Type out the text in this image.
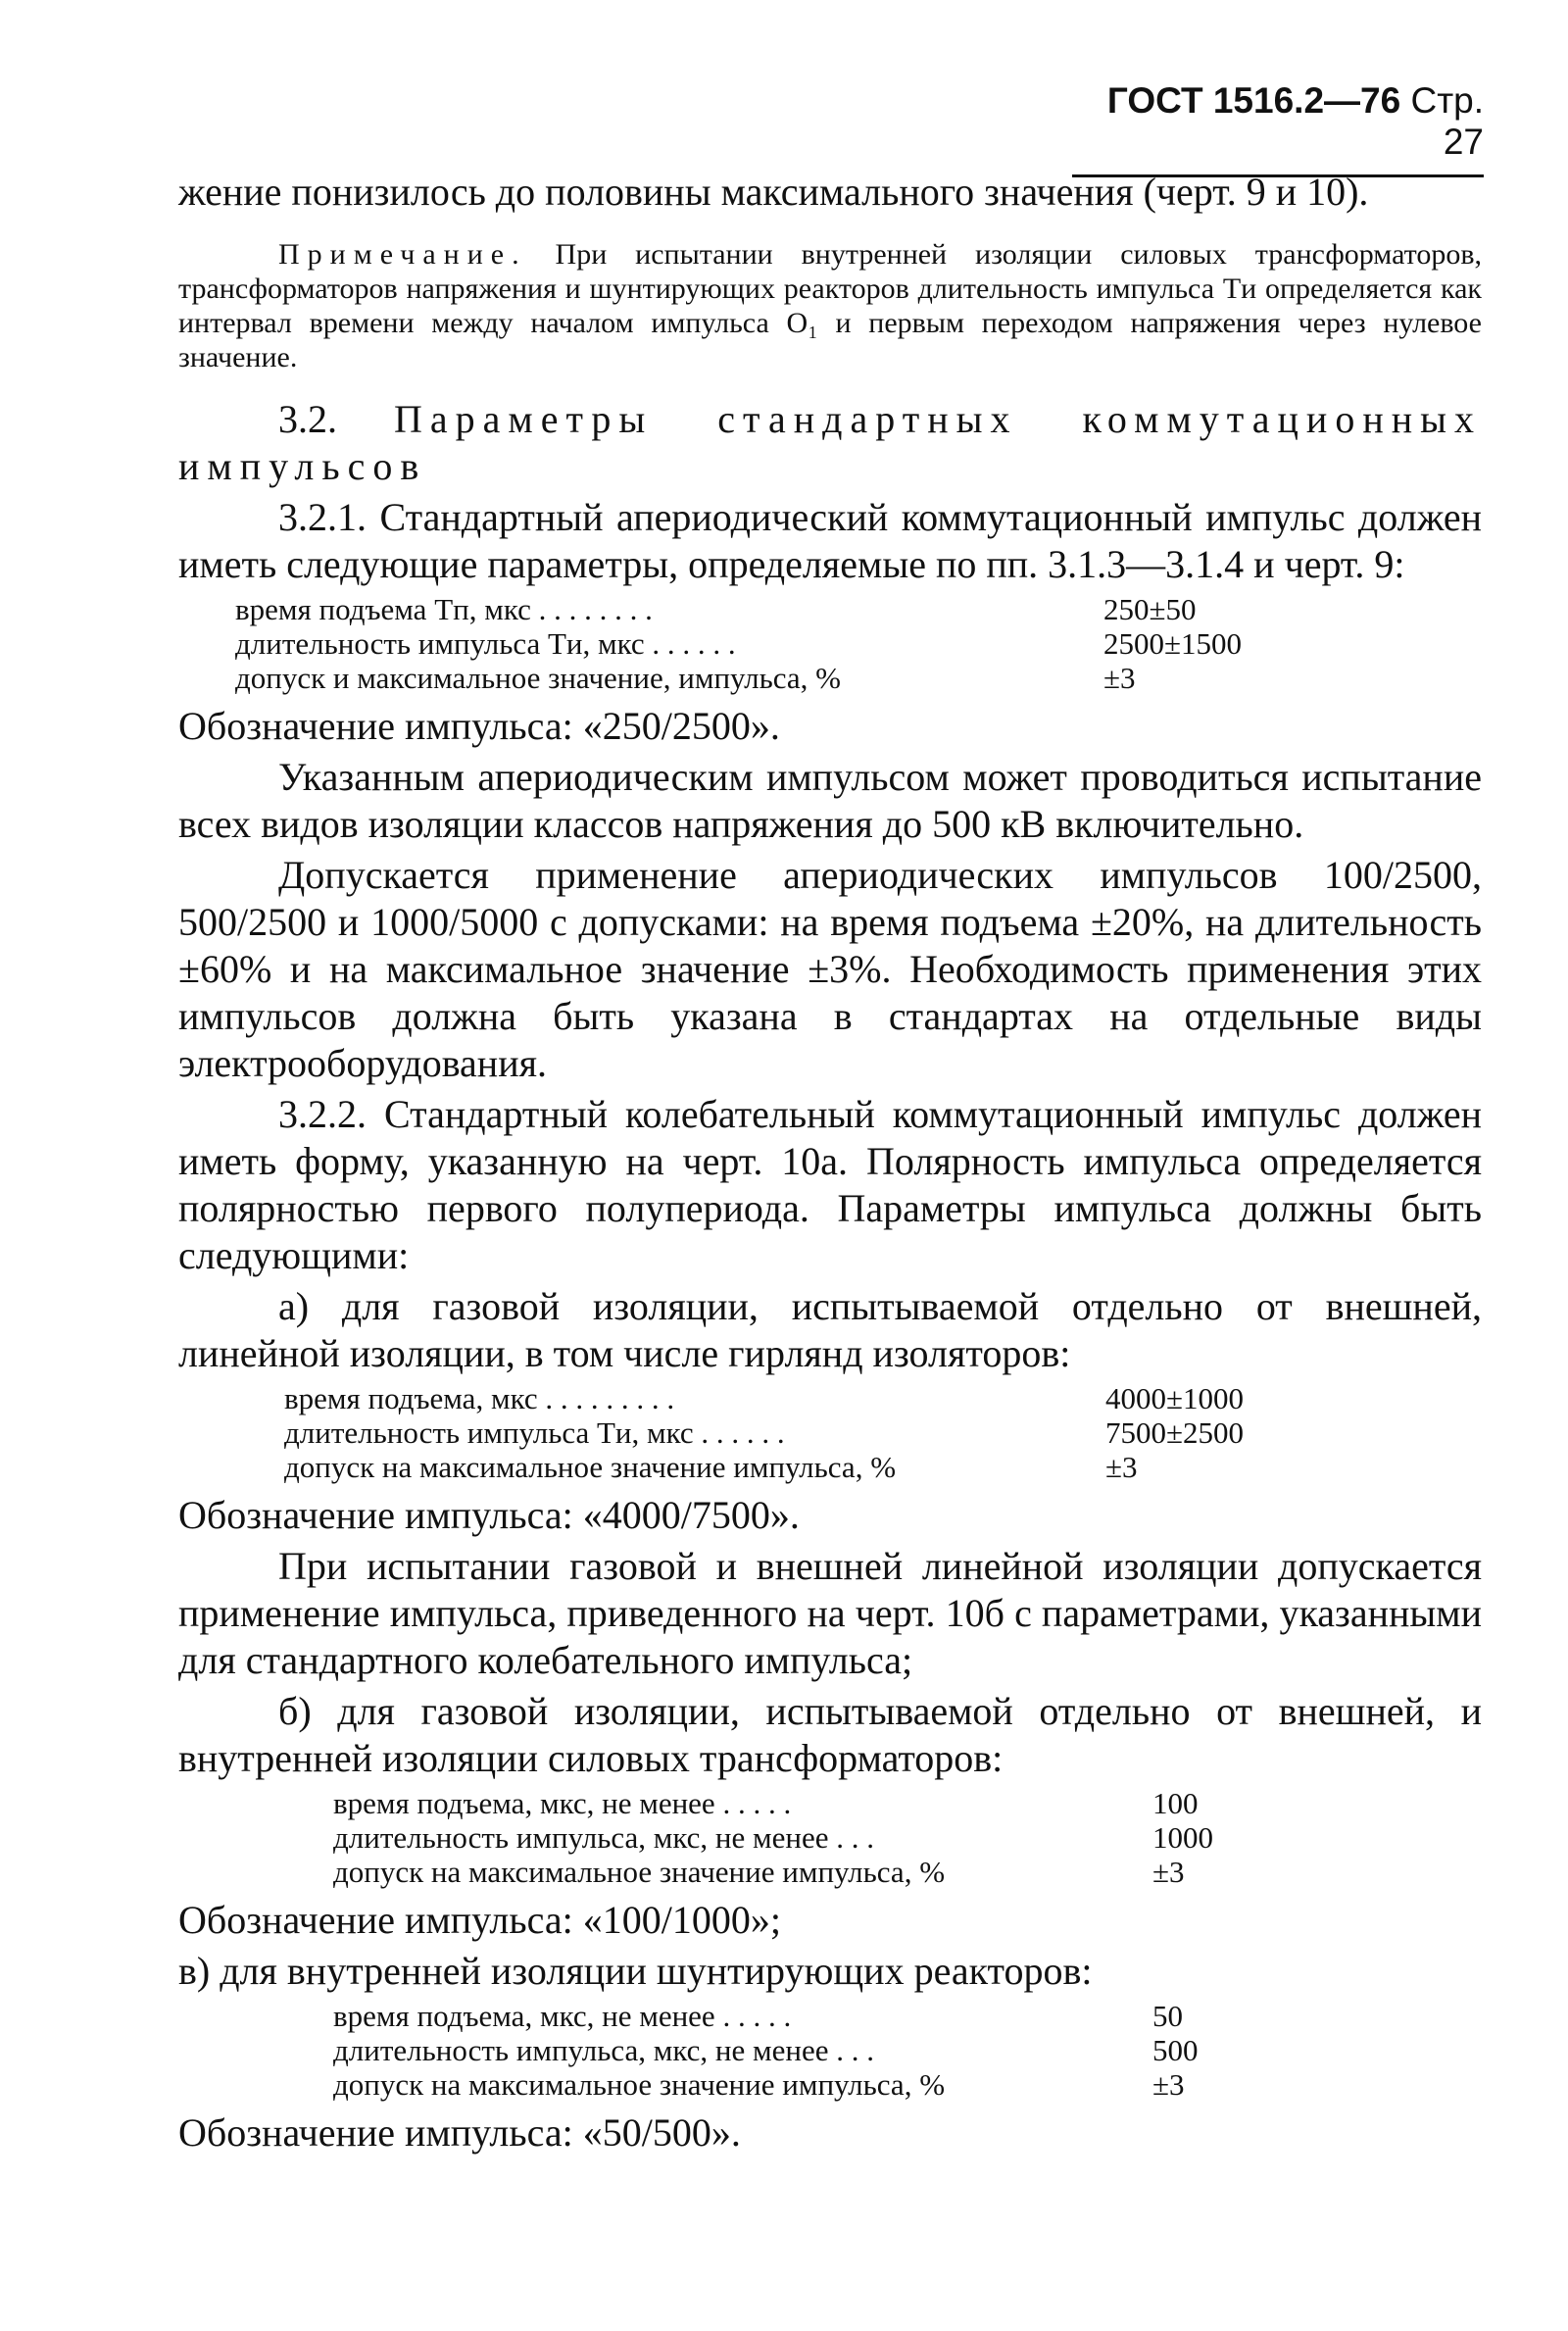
ГОСТ 1516.2—76 Стр. 27

жение понизилось до половины максимального значения (черт. 9 и 10).

Примечание. При испытании внутренней изоляции силовых трансформаторов, трансформаторов напряжения и шунтирующих реакторов длительность импульса Tи определяется как интервал времени между началом импульса O₁ и первым переходом напряжения через нулевое значение.

3.2. Параметры стандартных коммутационных импульсов

3.2.1. Стандартный апериодический коммутационный импульс должен иметь следующие параметры, определяемые по пп. 3.1.3—3.1.4 и черт. 9:

время подъема Tп, мкс . . . . . . . .	250±50
длительность импульса Tи, мкс . . . . . .	2500±1500
допуск и максимальное значение, импульса, %	±3

Обозначение импульса: «250/2500».

Указанным апериодическим импульсом может проводиться испытание всех видов изоляции классов напряжения до 500 кВ включительно.

Допускается применение апериодических импульсов 100/2500, 500/2500 и 1000/5000 с допусками: на время подъема ±20%, на длительность ±60% и на максимальное значение ±3%. Необходимость применения этих импульсов должна быть указана в стандартах на отдельные виды электрооборудования.

3.2.2. Стандартный колебательный коммутационный импульс должен иметь форму, указанную на черт. 10а. Полярность импульса определяется полярностью первого полупериода. Параметры импульса должны быть следующими:

а) для газовой изоляции, испытываемой отдельно от внешней, линейной изоляции, в том числе гирлянд изоляторов:

время подъема, мкс . . . . . . . . .	4000±1000
длительность импульса Tи, мкс . . . . . .	7500±2500
допуск на максимальное значение импульса, %	±3

Обозначение импульса: «4000/7500».

При испытании газовой и внешней линейной изоляции допускается применение импульса, приведенного на черт. 10б с параметрами, указанными для стандартного колебательного импульса;

б) для газовой изоляции, испытываемой отдельно от внешней, и внутренней изоляции силовых трансформаторов:

время подъема, мкс, не менее . . . . .	100
длительность импульса, мкс, не менее . . .	1000
допуск на максимальное значение импульса, %	±3

Обозначение импульса: «100/1000»;

в) для внутренней изоляции шунтирующих реакторов:

время подъема, мкс, не менее . . . . .	50
длительность импульса, мкс, не менее . . .	500
допуск на максимальное значение импульса, %	±3

Обозначение импульса: «50/500».
